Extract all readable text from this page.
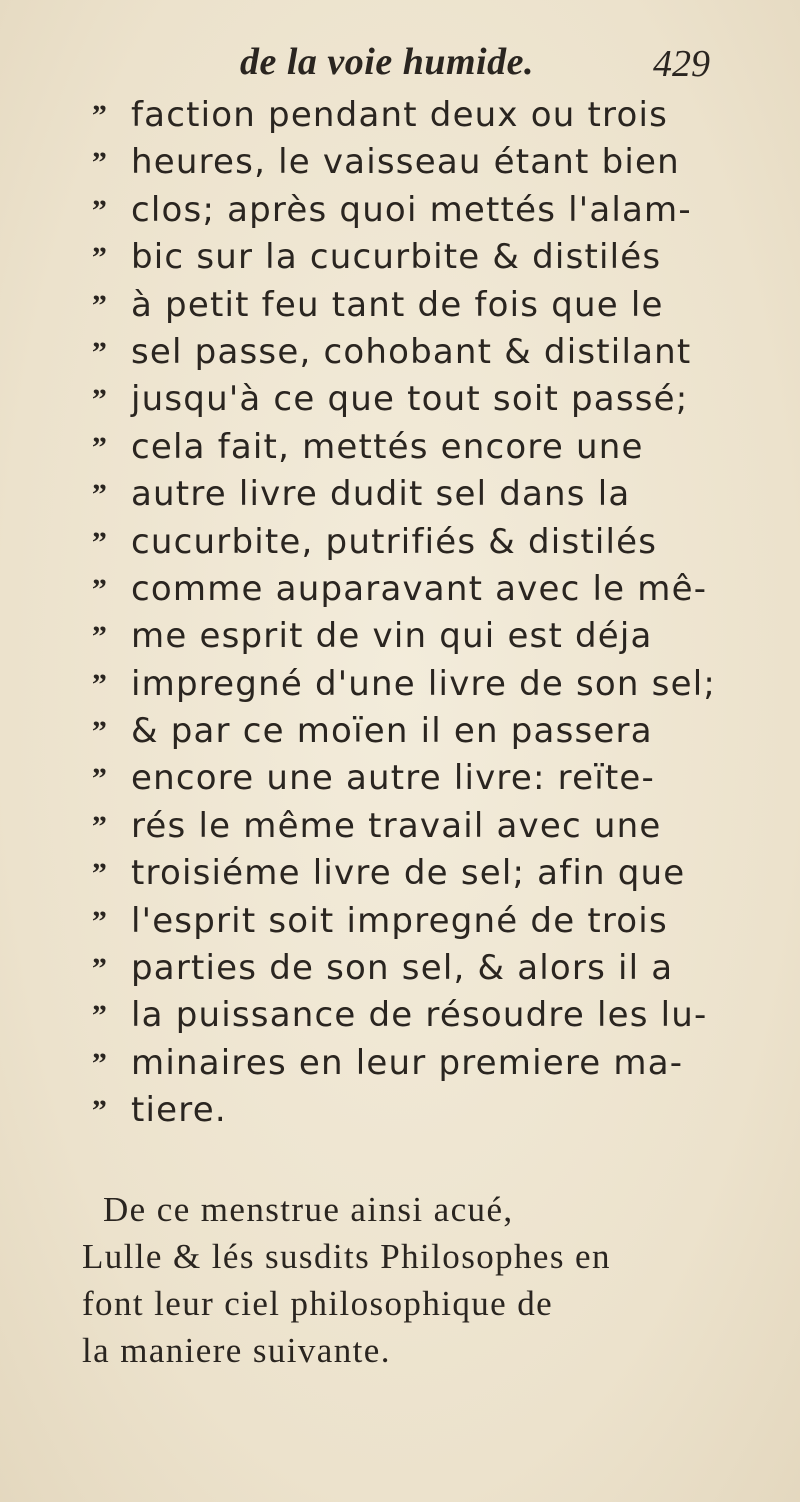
de la voie humide.	429
” faction pendant deux ou trois
” heures, le vaisseau étant bien
” clos; après quoi mettés l'alam-
” bic sur la cucurbite & distilés
” à petit feu tant de fois que le
” sel passe, cohobant & distilant
” jusqu'à ce que tout soit passé;
” cela fait, mettés encore une
” autre livre dudit sel dans la
” cucurbite, putrifiés & distilés
” comme auparavant avec le mê-
” me esprit de vin qui est déja
” impregné d'une livre de son sel;
” & par ce moïen il en passera
” encore une autre livre: reïte-
” rés le même travail avec une
” troisiéme livre de sel; afin que
” l'esprit soit impregné de trois
” parties de son sel, & alors il a
” la puissance de résoudre les lu-
” minaires en leur premiere ma-
” tiere.
De ce menstrue ainsi acué,
Lulle & lés susdits Philosophes en
font leur ciel philosophique de
la maniere suivante.
